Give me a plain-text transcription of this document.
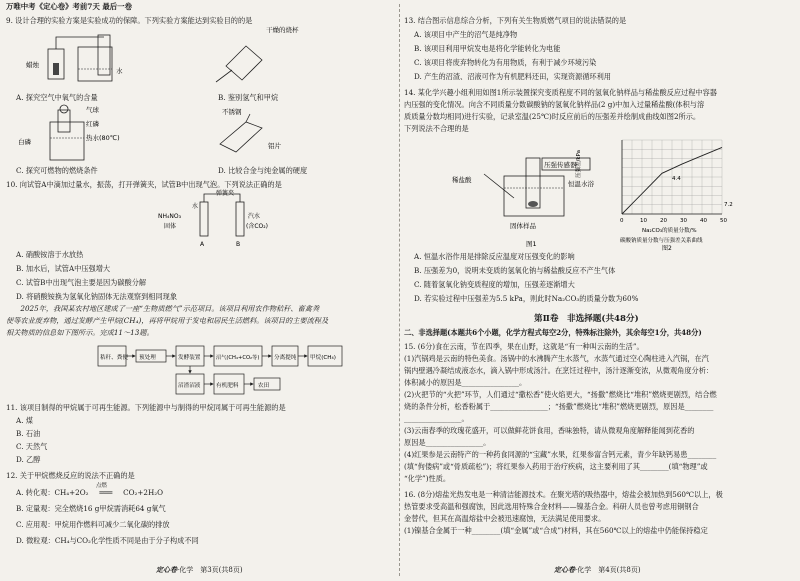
万唯中考《定心卷》考前7天 最后一卷
9. 设计合理的实验方案是实验成功的保障。下列实验方案能达到实验目的的是
蜡烛
水
A. 探究空气中氧气的含量
干燥的烧杯
B. 鉴别氢气和甲烷
气球
红磷
热水(80℃)
白磷
C. 探究可燃物的燃烧条件
不锈钢
铝片
D. 比较合金与纯金属的硬度
10. 向试管A中滴加过量水，振荡，打开弹簧夹，试管B中出现气泡。下列说法正确的是
弹簧夹
水
NH₄NO₃
固体
汽水
(含CO₂)
A	B
A. 硝酸铵溶于水放热
B. 加水后，试管A中压强增大
C. 试管B中出现气泡主要是因为碳酸分解
D. 将硝酸铵换为氢氧化钠固体无法观察到相同现象
　　2025年，我国某农村地区建成了一座“生物质燃气”示范项目。该项目利用农作物秸秆、畜禽粪
便等农业废弃物，通过发酵产生甲烷(CH₄)，再将甲烷用于发电和居民生活燃料。该项目的主要流程及
相关物质的信息如下图所示。完成11～13题。
秸秆、粪便 预处理	发酵装置	沼气(CH₄+CO₂等)	分离提纯 甲烷(CH₄)
沼渣沼液	有机肥料	农田
11. 该项目制得的甲烷属于可再生能源。下列能源中与制得的甲烷同属于可再生能源的是
A. 煤
B. 石油
C. 天然气
D. 乙醇
12. 关于甲烷燃烧反应的说法不正确的是
A. 转化观：CH₄+2O₂
点燃
═══ CO₂+2H₂O
B. 定量观：完全燃烧16 g甲烷需消耗64 g氧气
C. 应用观：甲烷用作燃料可减少二氧化碳的排放
D. 微粒观：CH₄与CO₂化学性质不同是由于分子构成不同
定心卷·化学　第3页(共8页)
13. 结合图示信息综合分析，下列有关生物质燃气项目的说法错误的是
A. 该项目中产生的沼气是纯净物
B. 该项目利用甲烷发电是将化学能转化为电能
C. 该项目将废弃物转化为有用物质，有利于减少环境污染
D. 产生的沼渣、沼液可作为有机肥料还田，实现资源循环利用
14. 某化学兴趣小组利用如图1所示装置探究变质程度不同的氢氧化钠样品与稀盐酸反应过程中容器
内压强的变化情况。向含不同质量分数碳酸钠的氢氧化钠样品(2 g)中加入过量稀盐酸(体积与溶
质质量分数均相同)进行实验，记录室温(25℃)时反应前后的压强差并绘制成曲线如图2所示。
下列说法不合理的是
压强传感器
恒温水浴
稀盐酸
固体样品
图1
0	10 20 30 40 50
压强差/kPa
7.2
4.4
Na₂CO₃的质量分数/%
碳酸钠质量分数与压强差关系曲线
图2
A. 恒温水浴作用是排除反应温度对压强变化的影响
B. 压强差为0，说明未变质的氢氧化钠与稀盐酸反应不产生气体
C. 随着氢氧化钠变质程度的增加，压强差逐渐增大
D. 若实验过程中压强差为5.5 kPa，则此时Na₂CO₃的质量分数为60%
第Ⅱ卷　非选择题(共48分)
二、非选择题(本题共6个小题，化学方程式每空2分，特殊标注除外，其余每空1分，共48分)
15. (6分)食在云南，节在四季，果在山野，这就是“有一种叫云南的生活”。
(1)汽锅鸡是云南的特色美食。汤锅中的水沸腾产生水蒸气，水蒸气通过空心陶柱进入汽锅，在汽
锅内壁遇冷凝结成液态水，滴入锅中形成汤汁。在烹饪过程中，汤汁逐渐变浓，从微观角度分析：
体积减小的原因是________________。
(2)火把节的“火把”环节，人们通过“撒松香”使火焰更大，“扬撒”燃烧比“堆积”燃烧更剧烈，结合燃
烧的条件分析，松香粉属于________________；“扬撒”燃烧比“堆积”燃烧更剧烈，原因是________
________________。
(3)云南春季的玫瑰花盛开，可以做鲜花饼食用，香味独特，请从微观角度解释能闻到花香的
原因是________________。
(4)红果参是云南特产的一种药食同源的“宝藏”水果，红果参富含钙元素，青少年缺钙易患________
(填“佝偻病”或“骨质疏松”)；将红果参入药用于治疗疾病，这主要利用了其________(填“物理”或
“化学”)性质。
16. (8分)熔盐光热发电是一种清洁能源技术。在聚光塔的吸热器中，熔盐会被加热到560℃以上，极
热管要求受高温和强腐蚀，因此选用特殊合金材料——镍基合金。科研人员也曾考虑用铜钢合
金替代，但其在高温熔盐中会被迅速腐蚀，无法满足使用要求。
(1)镍基合金属于一种________(填“金属”或“合成”)材料，其在560℃以上的熔盐中仍能保持稳定
定心卷·化学　第4页(共8页)
